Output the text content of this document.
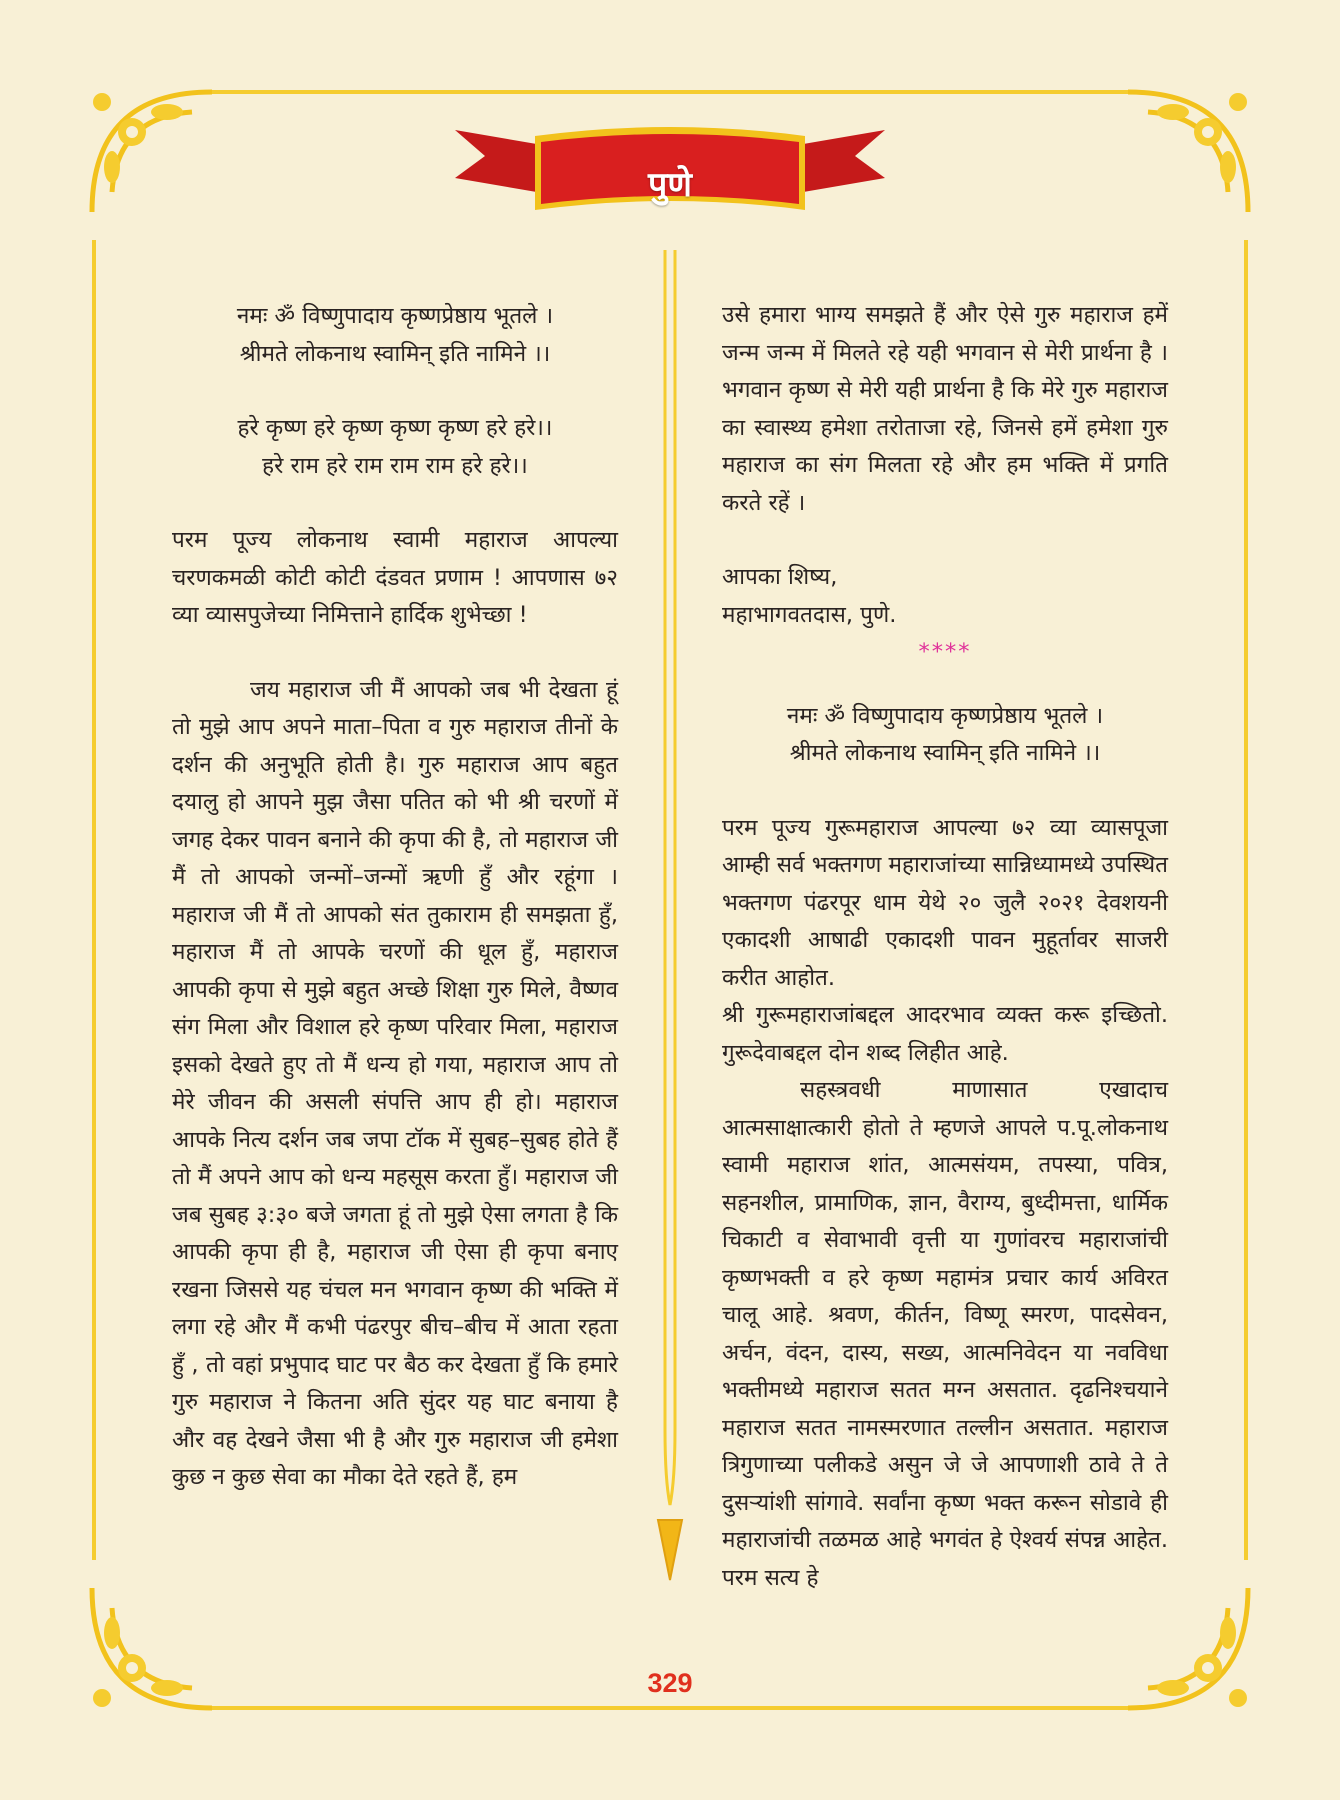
पुणे

नमः ॐ विष्णुपादाय कृष्णप्रेष्ठाय भूतले ।

श्रीमते लोकनाथ स्वामिन् इति नामिने ।।

हरे कृष्ण हरे कृष्ण कृष्ण कृष्ण हरे हरे।।

हरे राम हरे राम राम राम हरे हरे।।

परम पूज्य लोकनाथ स्वामी महाराज आपल्या चरणकमळी कोटी कोटी दंडवत प्रणाम ! आपणास ७२ व्या व्यासपुजेच्या निमित्ताने हार्दिक शुभेच्छा !

जय महाराज जी मैं आपको जब भी देखता हूं तो मुझे आप अपने माता–पिता व गुरु महाराज तीनों के दर्शन की अनुभूति होती है। गुरु महाराज आप बहुत दयालु हो आपने मुझ जैसा पतित को भी श्री चरणों में जगह देकर पावन बनाने की कृपा की है, तो महाराज जी मैं तो आपको जन्मों–जन्मों ऋणी हुँ और रहूंगा । महाराज जी मैं तो आपको संत तुकाराम ही समझता हुँ, महाराज मैं तो आपके चरणों की धूल हुँ, महाराज आपकी कृपा से मुझे बहुत अच्छे शिक्षा गुरु मिले, वैष्णव संग मिला और विशाल हरे कृष्ण परिवार मिला, महाराज इसको देखते हुए तो मैं धन्य हो गया, महाराज आप तो मेरे जीवन की असली संपत्ति आप ही हो। महाराज आपके नित्य दर्शन जब जपा टॉक में सुबह–सुबह होते हैं तो मैं अपने आप को धन्य महसूस करता हुँ। महाराज जी जब सुबह ३:३० बजे जगता हूं तो मुझे ऐसा लगता है कि आपकी कृपा ही है, महाराज जी ऐसा ही कृपा बनाए रखना जिससे यह चंचल मन भगवान कृष्ण की भक्ति में लगा रहे और मैं कभी पंढरपुर बीच–बीच में आता रहता हुँ , तो वहां प्रभुपाद घाट पर बैठ कर देखता हुँ कि हमारे गुरु महाराज ने कितना अति सुंदर यह घाट बनाया है और वह देखने जैसा भी है और गुरु महाराज जी हमेशा कुछ न कुछ सेवा का मौका देते रहते हैं, हम

उसे हमारा भाग्य समझते हैं और ऐसे गुरु महाराज हमें जन्म जन्म में मिलते रहे यही भगवान से मेरी प्रार्थना है । भगवान कृष्ण से मेरी यही प्रार्थना है कि मेरे गुरु महाराज का स्वास्थ्य हमेशा तरोताजा रहे, जिनसे हमें हमेशा गुरु महाराज का संग मिलता रहे और हम भक्ति में प्रगति करते रहें ।

आपका शिष्य,

महाभागवतदास, पुणे.

****

नमः ॐ विष्णुपादाय कृष्णप्रेष्ठाय भूतले ।

श्रीमते लोकनाथ स्वामिन् इति नामिने ।।

परम पूज्य गुरूमहाराज आपल्या ७२ व्या व्यासपूजा आम्ही सर्व भक्तगण महाराजांच्या सान्निध्यामध्ये उपस्थित भक्तगण पंढरपूर धाम येथे २० जुलै २०२१ देवशयनी एकादशी आषाढी एकादशी पावन मुहूर्तावर साजरी करीत आहोत.

श्री गुरूमहाराजांबद्दल आदरभाव व्यक्त करू इच्छितो. गुरूदेवाबद्दल दोन शब्द लिहीत आहे.

सहस्त्रवधी माणासात एखादाच आत्मसाक्षात्कारी होतो ते म्हणजे आपले प.पू.लोकनाथ स्वामी महाराज शांत, आत्मसंयम, तपस्या, पवित्र, सहनशील, प्रामाणिक, ज्ञान, वैराग्य, बुध्दीमत्ता, धार्मिक चिकाटी व सेवाभावी वृत्ती या गुणांवरच महाराजांची कृष्णभक्ती व हरे कृष्ण महामंत्र प्रचार कार्य अविरत चालू आहे. श्रवण, कीर्तन, विष्णू स्मरण, पादसेवन, अर्चन, वंदन, दास्य, सख्य, आत्मनिवेदन या नवविधा भक्तीमध्ये महाराज सतत मग्न असतात. दृढनिश्चयाने महाराज सतत नामस्मरणात तल्लीन असतात. महाराज त्रिगुणाच्या पलीकडे असुन जे जे आपणाशी ठावे ते ते दुसऱ्यांशी सांगावे. सर्वांना कृष्ण भक्त करून सोडावे ही महाराजांची तळमळ आहे भगवंत हे ऐश्वर्य संपन्न आहेत. परम सत्य हे

329
